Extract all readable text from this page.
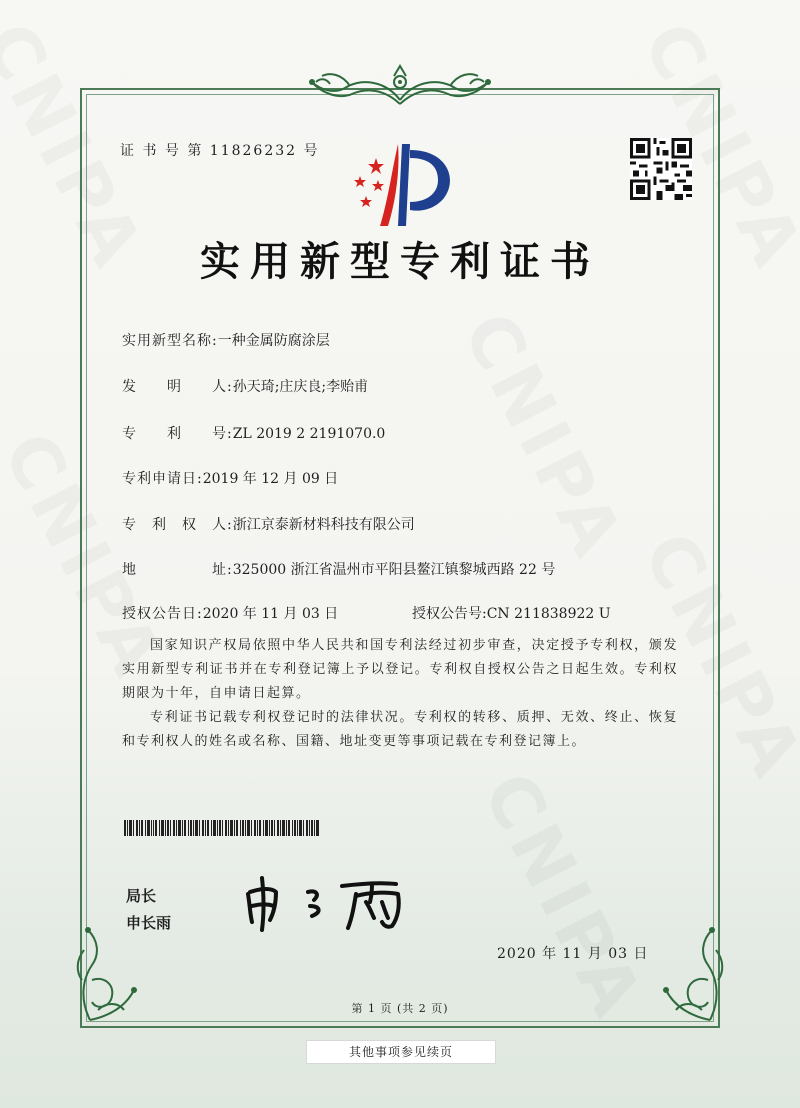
证 书 号 第 11826232 号
实用新型专利证书
实用新型名称:一种金属防腐涂层
发　　明　　人:孙天琦;庄庆良;李贻甫
专　　利　　号:ZL 2019 2 2191070.0
专利申请日:2019 年 12 月 09 日
专　利　权　人:浙江京泰新材料科技有限公司
地　　　　　址:325000 浙江省温州市平阳县鳌江镇黎城西路 22 号
授权公告日:2020 年 11 月 03 日	授权公告号:CN 211838922 U
国家知识产权局依照中华人民共和国专利法经过初步审查，决定授予专利权，颁发实用新型专利证书并在专利登记簿上予以登记。专利权自授权公告之日起生效。专利权期限为十年，自申请日起算。
专利证书记载专利权登记时的法律状况。专利权的转移、质押、无效、终止、恢复和专利权人的姓名或名称、国籍、地址变更等事项记载在专利登记簿上。
局长
申长雨
2020 年 11 月 03 日
第 1 页 (共 2 页)
其他事项参见续页
